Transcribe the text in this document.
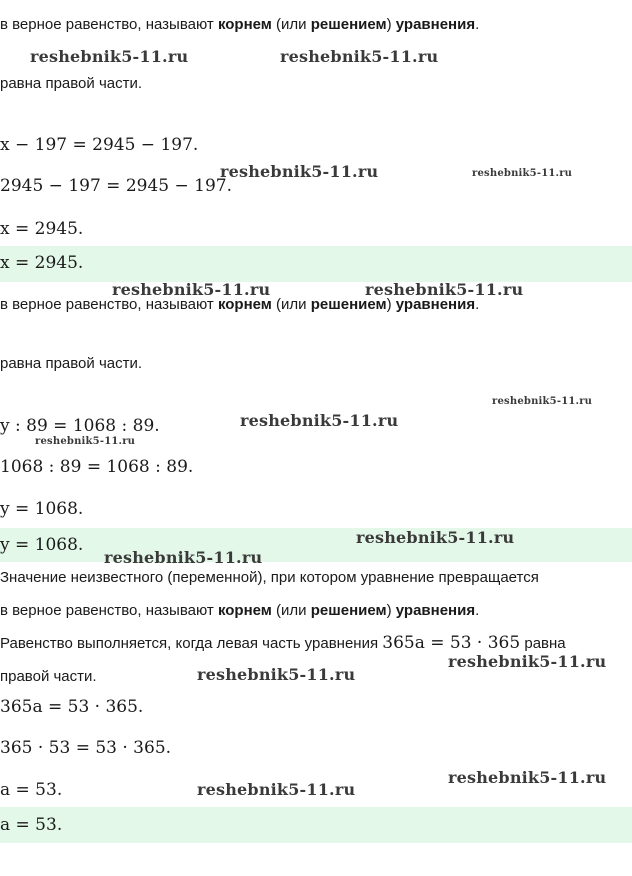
в верное равенство, называют корнем (или решением) уравнения.
равна правой части.
x − 197 = 2945 − 197.
2945 − 197 = 2945 − 197.
x = 2945.
x = 2945.
в верное равенство, называют корнем (или решением) уравнения.
равна правой части.
y : 89 = 1068 : 89.
1068 : 89 = 1068 : 89.
y = 1068.
y = 1068.
Значение неизвестного (переменной), при котором уравнение превращается
в верное равенство, называют корнем (или решением) уравнения.
Равенство выполняется, когда левая часть уравнения 365a = 53 · 365 равна
правой части.
365a = 53 · 365.
365 · 53 = 53 · 365.
a = 53.
a = 53.
reshebnik5-11.ru	reshebnik5-11.ru
reshebnik5-11.ru	reshebnik5-11.ru
reshebnik5-11.ru	reshebnik5-11.ru
reshebnik5-11.ru
reshebnik5-11.ru
reshebnik5-11.ru
reshebnik5-11.ru
reshebnik5-11.ru
reshebnik5-11.ru
reshebnik5-11.ru
reshebnik5-11.ru
reshebnik5-11.ru
